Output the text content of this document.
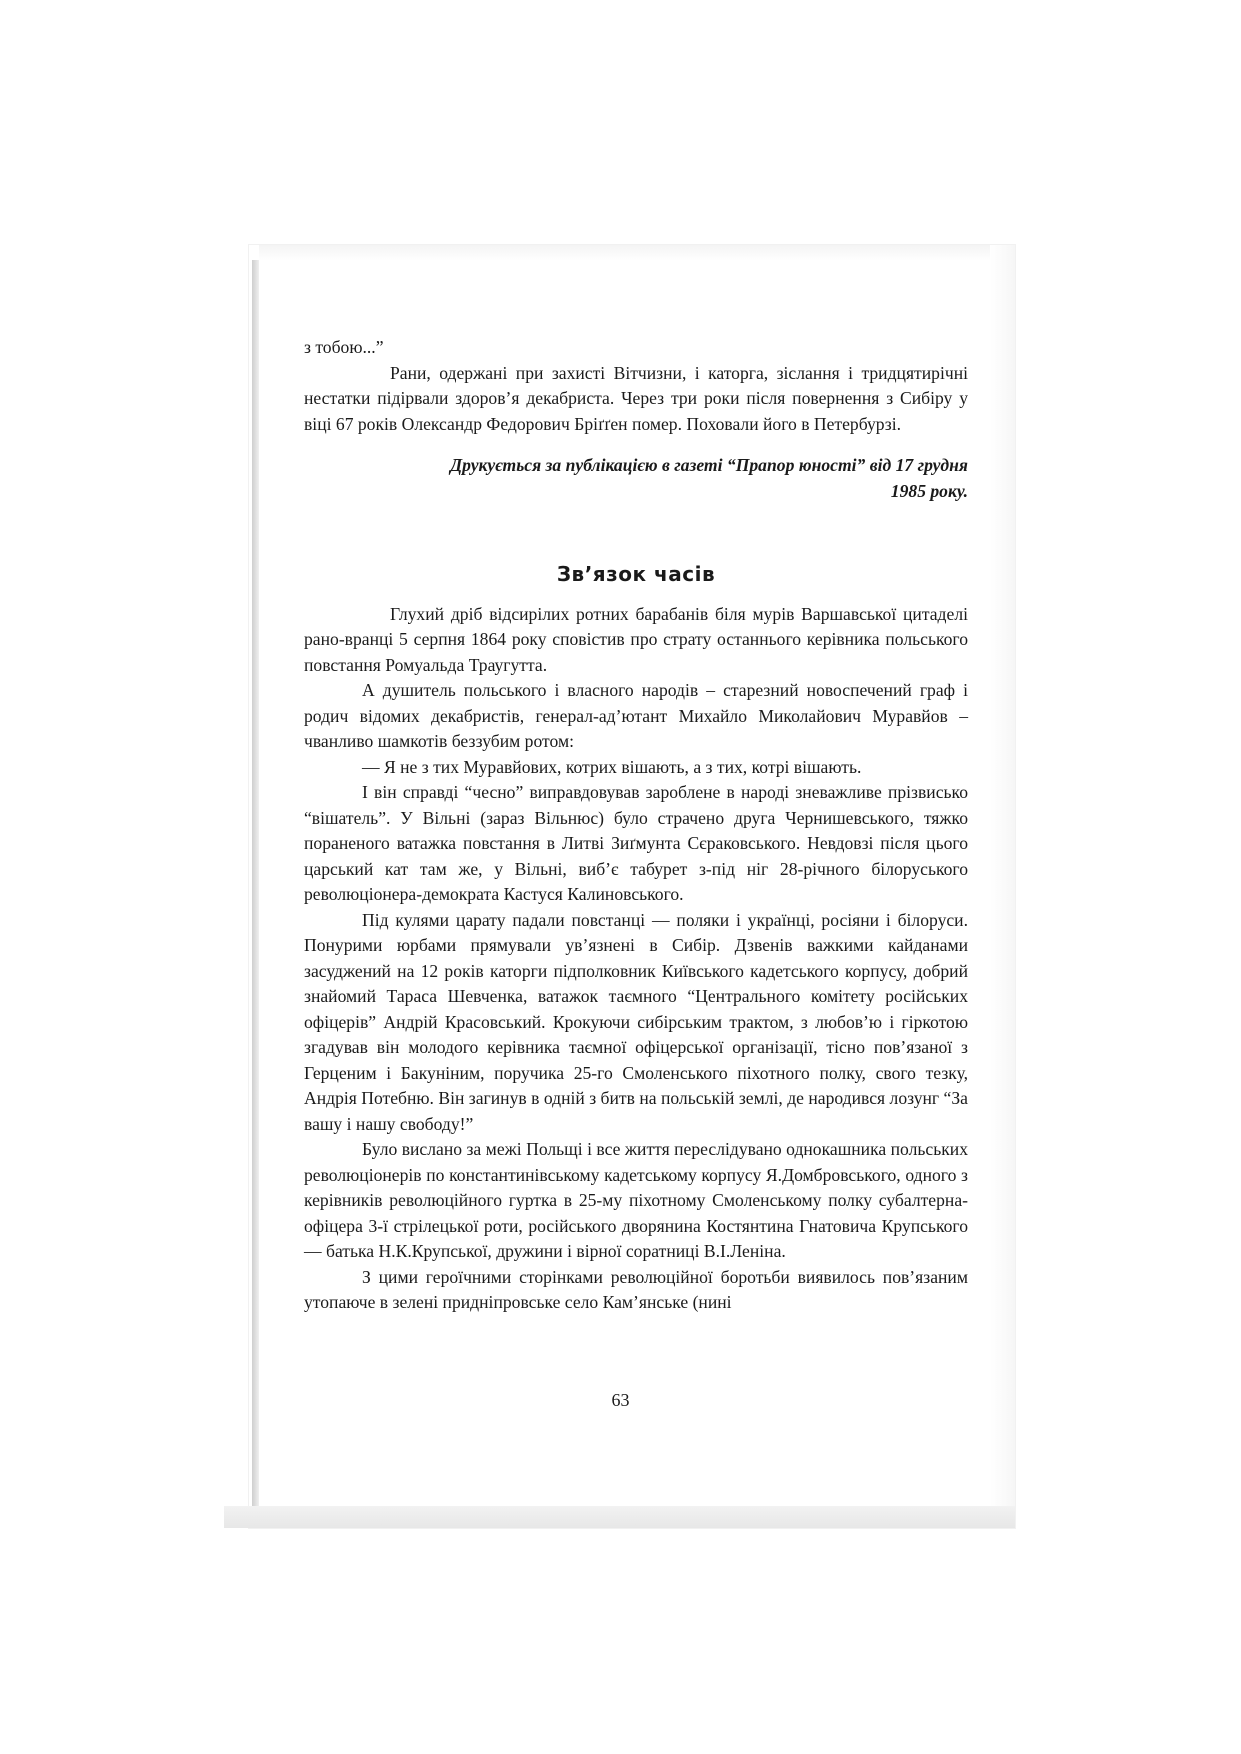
з тобою...”

Рани, одержані при захисті Вітчизни, і каторга, зіслання і тридцятирічні нестатки підірвали здоров’я декабриста. Через три роки після повернення з Сибіру у віці 67 років Олександр Федорович Бріґґен помер. Поховали його в Петербурзі.

Друкується за публікацією в газеті “Прапор юності” від 17 грудня 1985 року.

Зв’язок часів

Глухий дріб відсирілих ротних барабанів біля мурів Варшавської цитаделі рано-вранці 5 серпня 1864 року сповістив про страту останнього керівника польського повстання Ромуальда Траугутта.

А душитель польського і власного народів – старезний новоспечений граф і родич відомих декабристів, генерал-ад’ютант Михайло Миколайович Муравйов – чванливо шамкотів беззубим ротом:

— Я не з тих Муравйових, котрих вішають, а з тих, котрі вішають.

І він справді “чесно” виправдовував зароблене в народі зневажливе прізвисько “вішатель”. У Вільні (зараз Вільнюс) було страчено друга Чернишевського, тяжко пораненого ватажка повстання в Литві Зиґмунта Сєраковського. Невдовзі після цього царський кат там же, у Вільні, виб’є табурет з-під ніг 28-річного білоруського революціонера-демократа Кастуся Калиновського.

Під кулями царату падали повстанці — поляки і українці, росіяни і білоруси. Понурими юрбами прямували ув’язнені в Сибір. Дзвенів важкими кайданами засуджений на 12 років каторги підполковник Київського кадетського корпусу, добрий знайомий Тараса Шевченка, ватажок таємного “Центрального комітету російських офіцерів” Андрій Красовський. Крокуючи сибірським трактом, з любов’ю і гіркотою згадував він молодого керівника таємної офіцерської організації, тісно пов’язаної з Герценим і Бакуніним, поручика 25-го Смоленського піхотного полку, свого тезку, Андрія Потебню. Він загинув в одній з битв на польській землі, де народився лозунг “За вашу і нашу свободу!”

Було вислано за межі Польщі і все життя переслідувано однокашника польських революціонерів по константинівському кадетському корпусу Я.Домбровського, одного з керівників революційного гуртка в 25-му піхотному Смоленському полку субалтерна-офіцера 3-ї стрілецької роти, російського дворянина Костянтина Гнатовича Крупського — батька Н.К.Крупської, дружини і вірної соратниці В.І.Леніна.

З цими героїчними сторінками революційної боротьби виявилось пов’язаним утопаюче в зелені придніпровське село Кам’янське (нині

63
